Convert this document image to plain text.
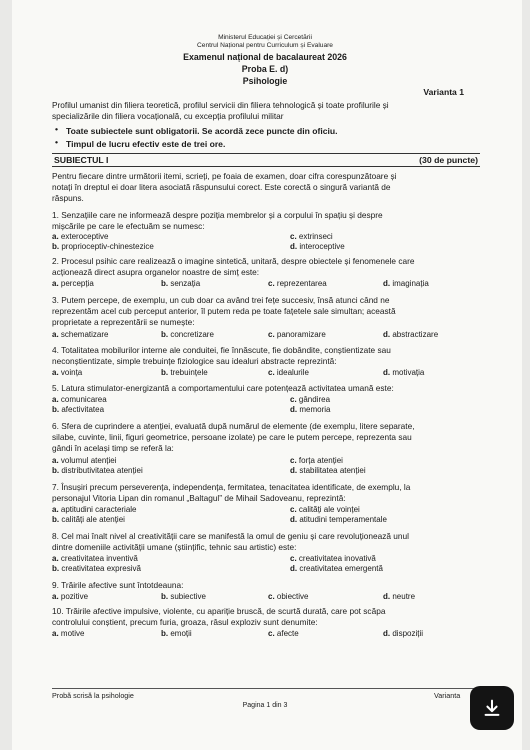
Ministerul Educației și Cercetării
Centrul Național pentru Curriculum și Evaluare
Examenul național de bacalaureat 2026
Proba E. d)
Psihologie
Varianta 1
Profilul umanist din filiera teoretică, profilul servicii din filiera tehnologică și toate profilurile și
specializările din filiera vocațională, cu excepția profilului militar
• Toate subiectele sunt obligatorii. Se acordă zece puncte din oficiu.
• Timpul de lucru efectiv este de trei ore.
SUBIECTUL I	(30 de puncte)
Pentru fiecare dintre următorii itemi, scrieți, pe foaia de examen, doar cifra corespunzătoare și
notați în dreptul ei doar litera asociată răspunsului corect. Este corectă o singură variantă de
răspuns.
1. Senzațiile care ne informează despre poziția membrelor și a corpului în spațiu și despre
mișcările pe care le efectuăm se numesc:
a. exteroceptive
b. proprioceptiv-chinestezice
c. extrinseci
d. interoceptive
2. Procesul psihic care realizează o imagine sintetică, unitară, despre obiectele și fenomenele care
acționează direct asupra organelor noastre de simț este:
a. percepția	b. senzația	c. reprezentarea	d. imaginația
3. Putem percepe, de exemplu, un cub doar ca având trei fețe succesiv, însă atunci când ne
reprezentăm acel cub perceput anterior, îl putem reda pe toate fațetele sale simultan; această
proprietate a reprezentării se numește:
a. schematizare	b. concretizare	c. panoramizare	d. abstractizare
4. Totalitatea mobilurilor interne ale conduitei, fie înnăscute, fie dobândite, conștientizate sau
neconștientizate, simple trebuințe fiziologice sau idealuri abstracte reprezintă:
a. voința	b. trebuințele	c. idealurile	d. motivația
5. Latura stimulator-energizantă a comportamentului care potențează activitatea umană este:
a. comunicarea
b. afectivitatea
c. gândirea
d. memoria
6. Sfera de cuprindere a atenției, evaluată după numărul de elemente (de exemplu, litere separate,
silabe, cuvinte, linii, figuri geometrice, persoane izolate) pe care le putem percepe, reprezenta sau
gândi în același timp se referă la:
a. volumul atenției
b. distributivitatea atenției
c. forța atenției
d. stabilitatea atenției
7. Însușiri precum perseverența, independența, fermitatea, tenacitatea identificate, de exemplu, la
personajul Vitoria Lipan din romanul „Baltagul” de Mihail Sadoveanu, reprezintă:
a. aptitudini caracteriale
b. calități ale atenției
c. calități ale voinței
d. atitudini temperamentale
8. Cel mai înalt nivel al creativității care se manifestă la omul de geniu și care revoluționează unul
dintre domeniile activității umane (științific, tehnic sau artistic) este:
a. creativitatea inventivă
b. creativitatea expresivă
c. creativitatea inovativă
d. creativitatea emergentă
9. Trăirile afective sunt întotdeauna:
a. pozitive	b. subiective	c. obiective	d. neutre
10. Trăirile afective impulsive, violente, cu apariție bruscă, de scurtă durată, care pot scăpa
controlului conștient, precum furia, groaza, râsul exploziv sunt denumite:
a. motive	b. emoții	c. afecte	d. dispoziții
Probă scrisă la psihologie	Varianta
Pagina 1 din 3
